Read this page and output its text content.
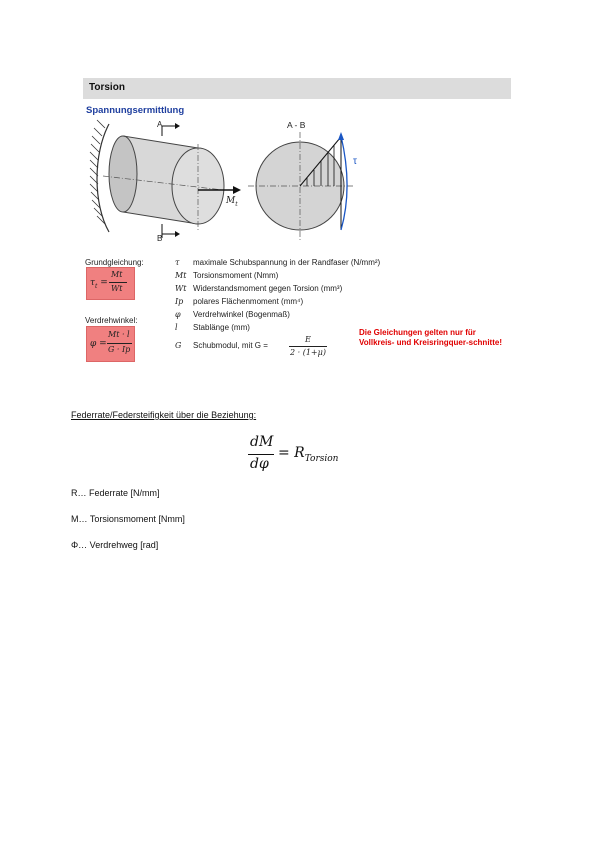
Torsion
Spannungsermittlung
A
B
$M_t$
A - B
τ
Grundgleichung:
$\tau_t$ =
Mt
Wt
Verdrehwinkel:
φ =
Mt · l
G · Ip
τ maximale Schubspannung in der Randfaser (N/mm²)
Mt Torsionsmoment (Nmm)
Wt Widerstandsmoment gegen Torsion (mm³)
Ip polares Flächenmoment (mm⁴)
φ Verdrehwinkel (Bogenmaß)
l Stablänge (mm)
G Schubmodul, mit G =
E
2 · (1+μ)
Die Gleichungen gelten nur für Vollkreis- und Kreisringquer-schnitte!
Federrate/Federsteifigkeit über die Beziehung:
dM
dφ
= $R_{Torsion}$
R… Federrate [N/mm]
M… Torsionsmoment [Nmm]
Φ… Verdrehweg [rad]
